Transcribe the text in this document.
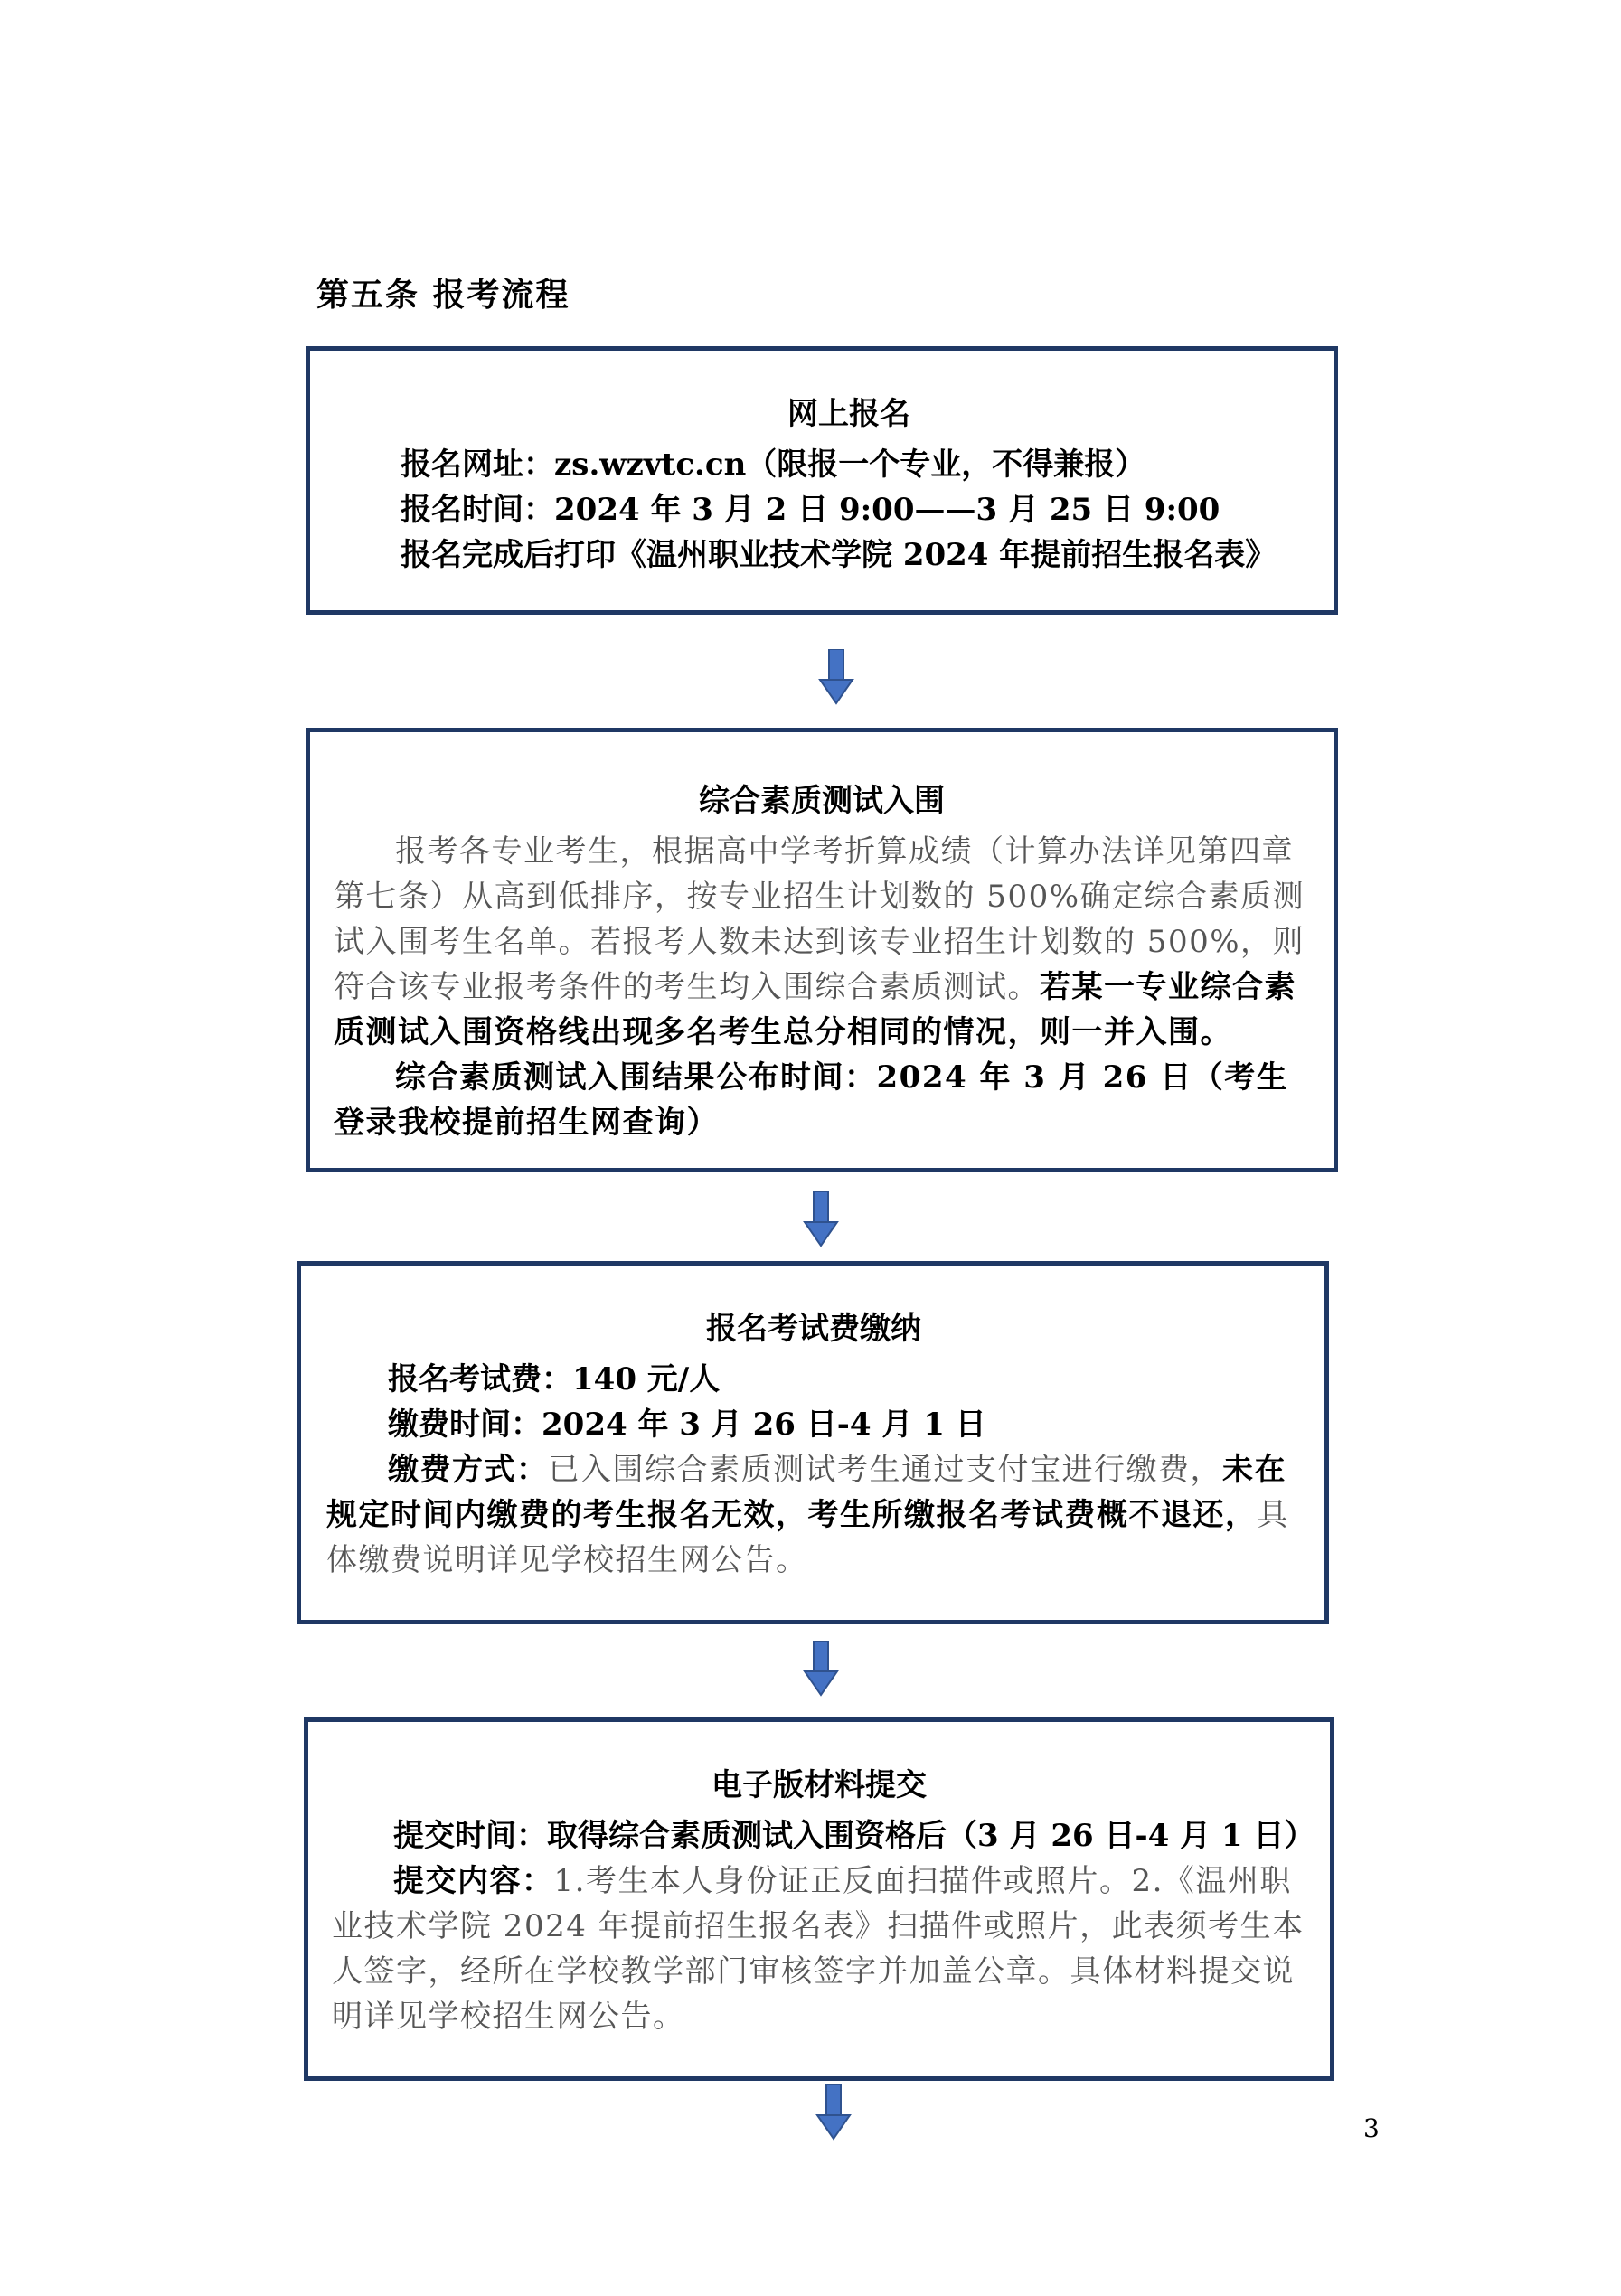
第五条 报考流程
网上报名
报名网址：zs.wzvtc.cn（限报一个专业，不得兼报）
报名时间：2024 年 3 月 2 日 9:00——3 月 25 日 9:00
报名完成后打印《温州职业技术学院 2024 年提前招生报名表》
综合素质测试入围
报考各专业考生，根据高中学考折算成绩（计算办法详见第四章第七条）从高到低排序，按专业招生计划数的 500%确定综合素质测试入围考生名单。若报考人数未达到该专业招生计划数的 500%，则符合该专业报考条件的考生均入围综合素质测试。若某一专业综合素质测试入围资格线出现多名考生总分相同的情况，则一并入围。
综合素质测试入围结果公布时间：2024 年 3 月 26 日（考生登录我校提前招生网查询）
报名考试费缴纳
报名考试费：140 元/人
缴费时间：2024 年 3 月 26 日-4 月 1 日
缴费方式：已入围综合素质测试考生通过支付宝进行缴费，未在规定时间内缴费的考生报名无效，考生所缴报名考试费概不退还，具体缴费说明详见学校招生网公告。
电子版材料提交
提交时间：取得综合素质测试入围资格后（3 月 26 日-4 月 1 日）
提交内容：1.考生本人身份证正反面扫描件或照片。2.《温州职业技术学院 2024 年提前招生报名表》扫描件或照片，此表须考生本人签字，经所在学校教学部门审核签字并加盖公章。具体材料提交说明详见学校招生网公告。
3
